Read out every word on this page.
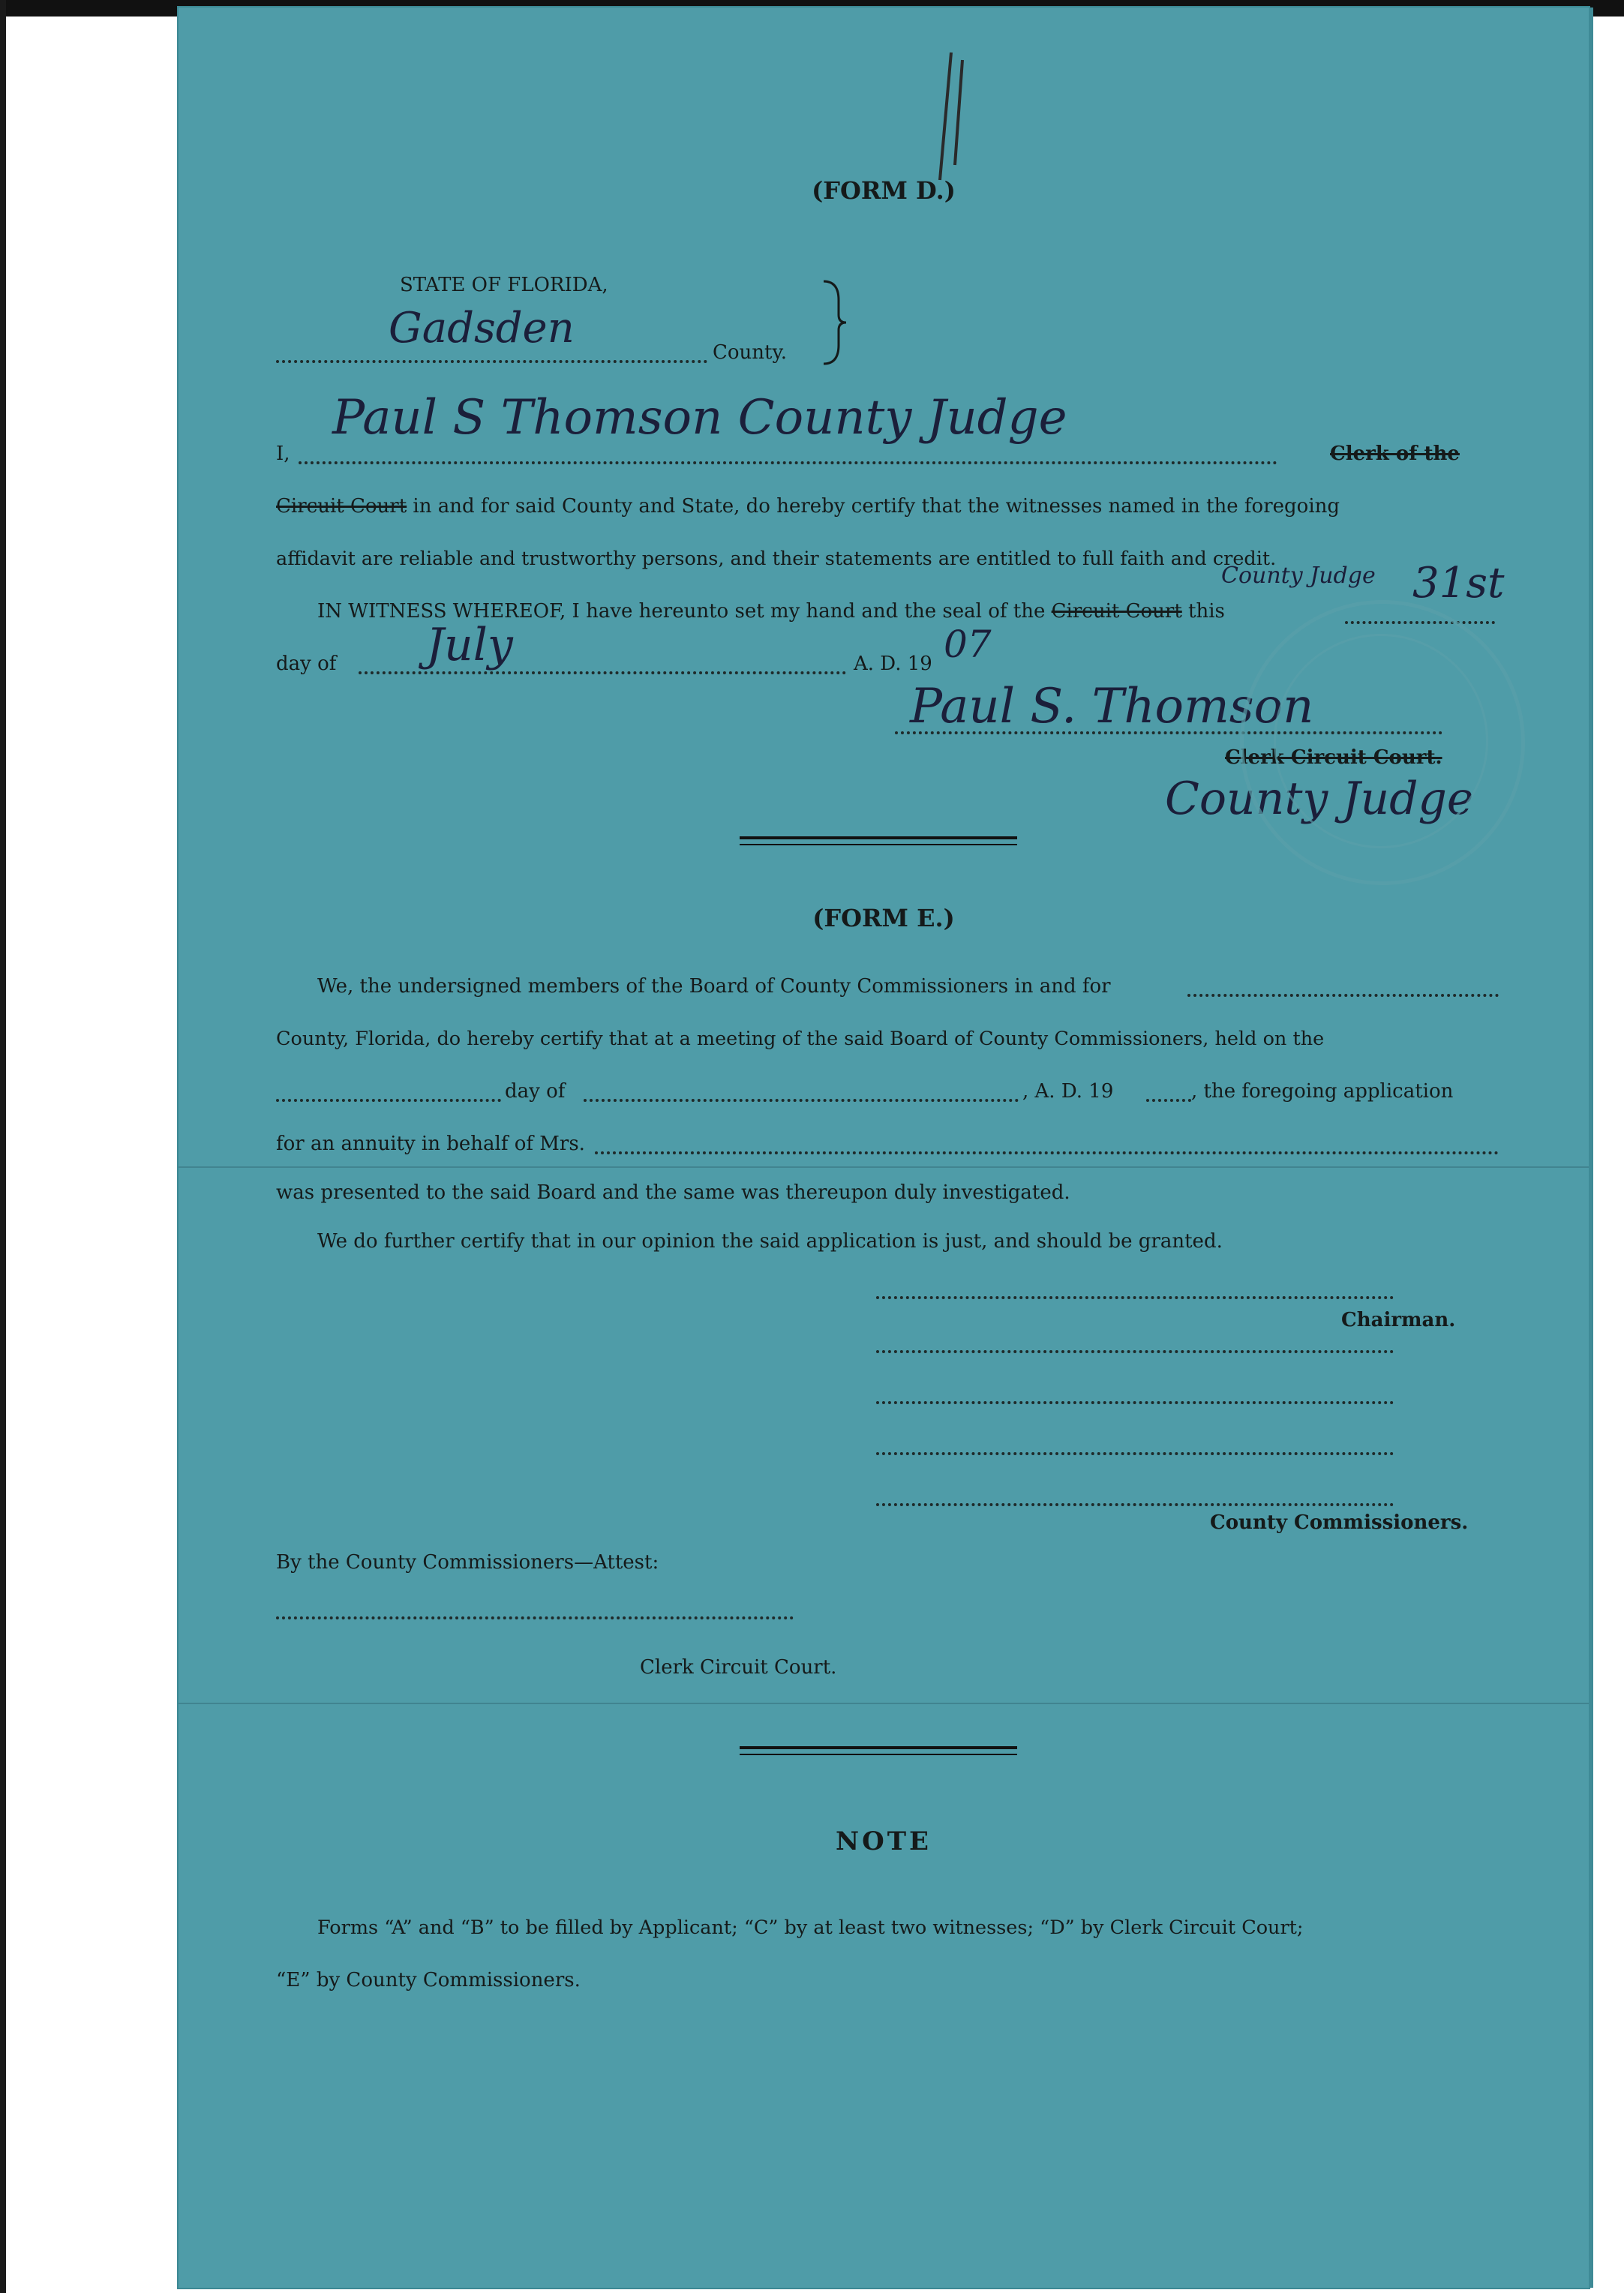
(FORM D.)
STATE OF FLORIDA,
Gadsden	County.
I,
Paul S Thomson County Judge
Clerk of the
Circuit Court in and for said County and State, do hereby certify that the witnesses named in the foregoing
affidavit are reliable and trustworthy persons, and their statements are entitled to full faith and credit.
County Judge 31st
IN WITNESS WHEREOF, I have hereunto set my hand and the seal of the Circuit Court this
day of July	A. D. 19 07
Paul S. Thomson
Clerk Circuit Court.
County Judge
(FORM E.)
We, the undersigned members of the Board of County Commissioners in and for
County, Florida, do hereby certify that at a meeting of the said Board of County Commissioners, held on the
day of	, A. D. 19	, the foregoing application
for an annuity in behalf of Mrs.
was presented to the said Board and the same was thereupon duly investigated.
We do further certify that in our opinion the said application is just, and should be granted.
Chairman.
County Commissioners.
By the County Commissioners—Attest:
Clerk Circuit Court.
NOTE
Forms “A” and “B” to be filled by Applicant; “C” by at least two witnesses; “D” by Clerk Circuit Court;
“E” by County Commissioners.
